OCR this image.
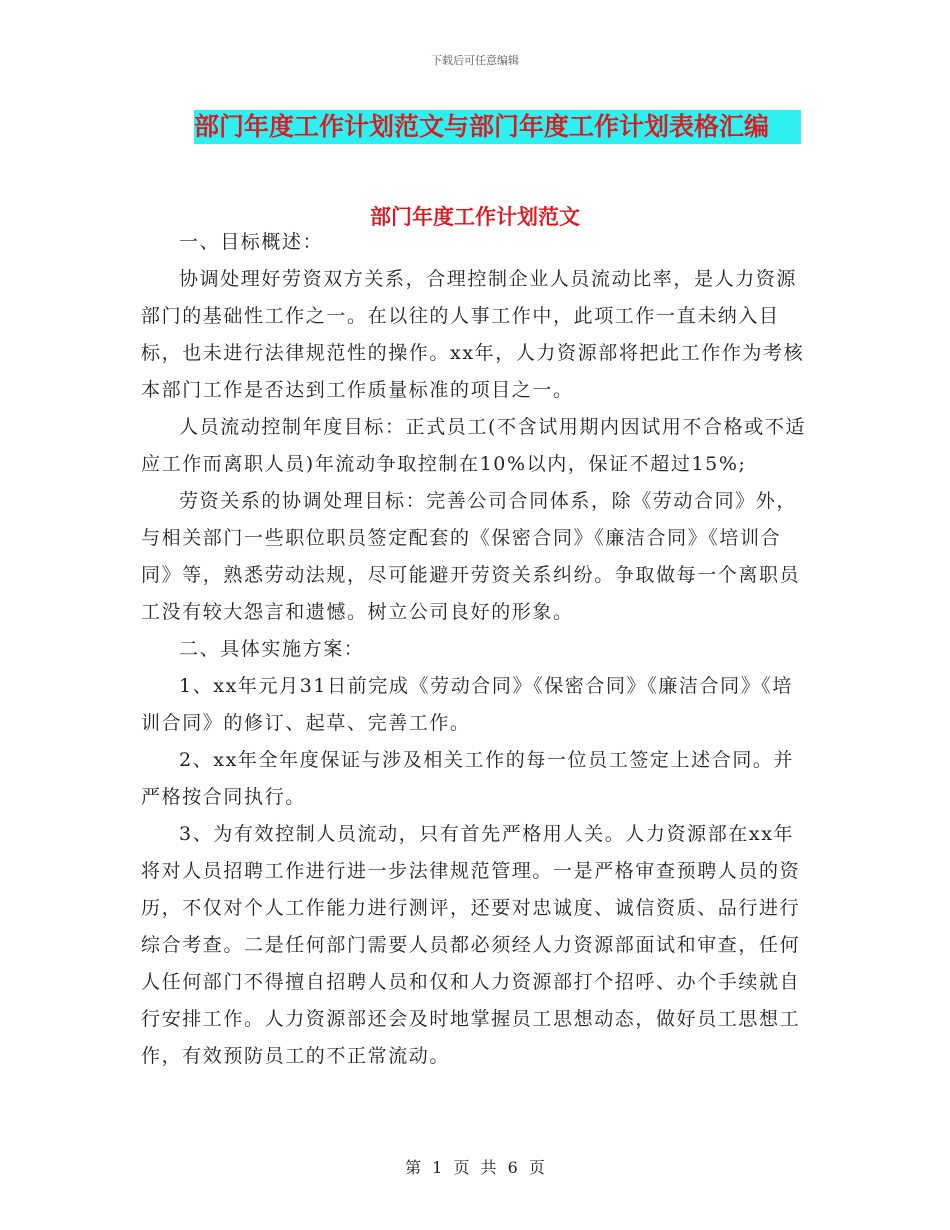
下载后可任意编辑
部门年度工作计划范文与部门年度工作计划表格汇编
部门年度工作计划范文

一、目标概述：

协调处理好劳资双方关系，合理控制企业人员流动比率，是人力资源部门的基础性工作之一。在以往的人事工作中，此项工作一直未纳入目标，也未进行法律规范性的操作。xx年，人力资源部将把此工作作为考核本部门工作是否达到工作质量标准的项目之一。

人员流动控制年度目标：正式员工(不含试用期内因试用不合格或不适应工作而离职人员)年流动争取控制在10%以内，保证不超过15%;

劳资关系的协调处理目标：完善公司合同体系，除《劳动合同》外，与相关部门一些职位职员签定配套的《保密合同》《廉洁合同》《培训合同》等，熟悉劳动法规，尽可能避开劳资关系纠纷。争取做每一个离职员工没有较大怨言和遗憾。树立公司良好的形象。

二、具体实施方案：

1、xx年元月31日前完成《劳动合同》《保密合同》《廉洁合同》《培训合同》的修订、起草、完善工作。

2、xx年全年度保证与涉及相关工作的每一位员工签定上述合同。并严格按合同执行。

3、为有效控制人员流动，只有首先严格用人关。人力资源部在xx年将对人员招聘工作进行进一步法律规范管理。一是严格审查预聘人员的资历，不仅对个人工作能力进行测评，还要对忠诚度、诚信资质、品行进行综合考查。二是任何部门需要人员都必须经人力资源部面试和审查，任何人任何部门不得擅自招聘人员和仅和人力资源部打个招呼、办个手续就自行安排工作。人力资源部还会及时地掌握员工思想动态，做好员工思想工作，有效预防员工的不正常流动。

第 1 页 共 6 页
